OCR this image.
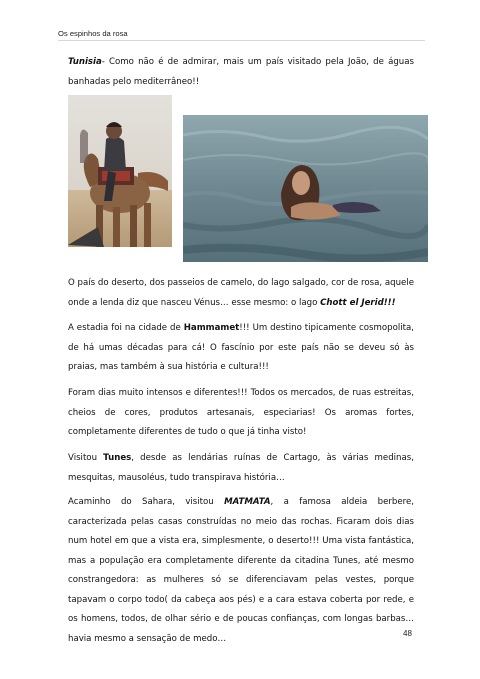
Os espinhos da rosa

Tunisia- Como não é de admirar, mais um país visitado pela João, de águas banhadas pelo mediterrâneo!!

O país do deserto, dos passeios de camelo, do lago salgado, cor de rosa, aquele onde a lenda diz que nasceu Vénus… esse mesmo: o lago Chott el Jerid!!!

A estadia foi na cidade de Hammamet!!! Um destino tipicamente cosmopolita, de há umas décadas para cá! O fascínio por este país não se deveu só às praias, mas também à sua história e cultura!!!

Foram dias muito intensos e diferentes!!! Todos os mercados, de ruas estreitas, cheios de cores, produtos artesanais, especiarias! Os aromas fortes, completamente diferentes de tudo o que já tinha visto!

Visitou Tunes, desde as lendárias ruínas de Cartago, às várias medinas, mesquitas, mausoléus, tudo transpirava história…

Acaminho do Sahara, visitou MATMATA, a famosa aldeia berbere, caracterizada pelas casas construídas no meio das rochas. Ficaram dois dias num hotel em que a vista era, simplesmente, o deserto!!! Uma vista fantástica, mas a população era completamente diferente da citadina Tunes, até mesmo constrangedora: as mulheres só se diferenciavam pelas vestes, porque tapavam o corpo todo( da cabeça aos pés) e a cara estava coberta por rede, e os homens, todos, de olhar sério e de poucas confianças, com longas barbas… havia mesmo a sensação de medo…	48
